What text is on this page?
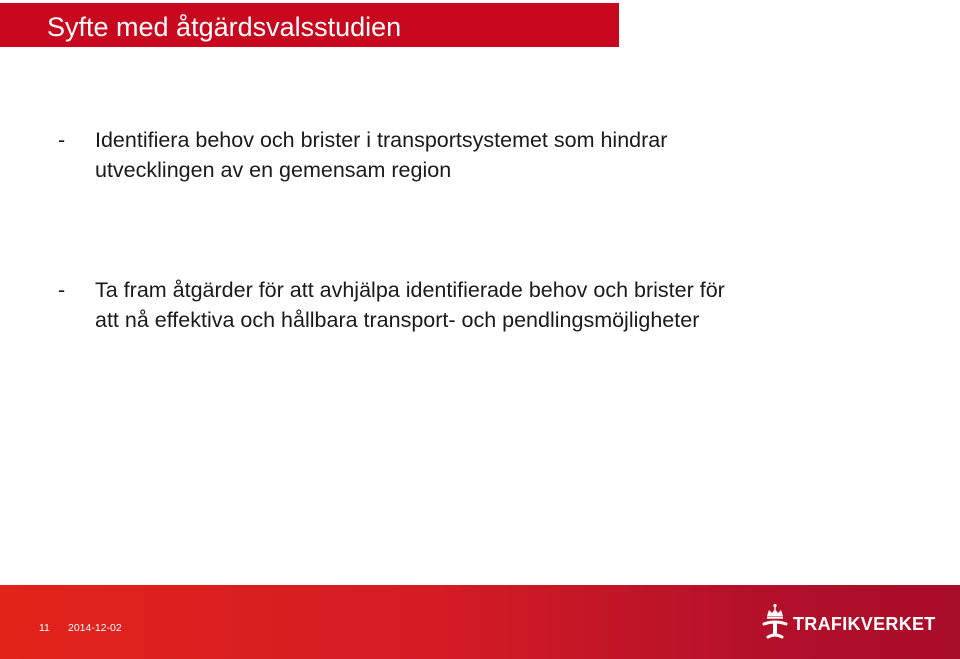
Syfte med åtgärdsvalsstudien
- Identifiera behov och brister i transportsystemet som hindrar
utvecklingen av en gemensam region
- Ta fram åtgärder för att avhjälpa identifierade behov och brister för
att nå effektiva och hållbara transport- och pendlingsmöjligheter
11 2014-12-02	TRAFIKVERKET
